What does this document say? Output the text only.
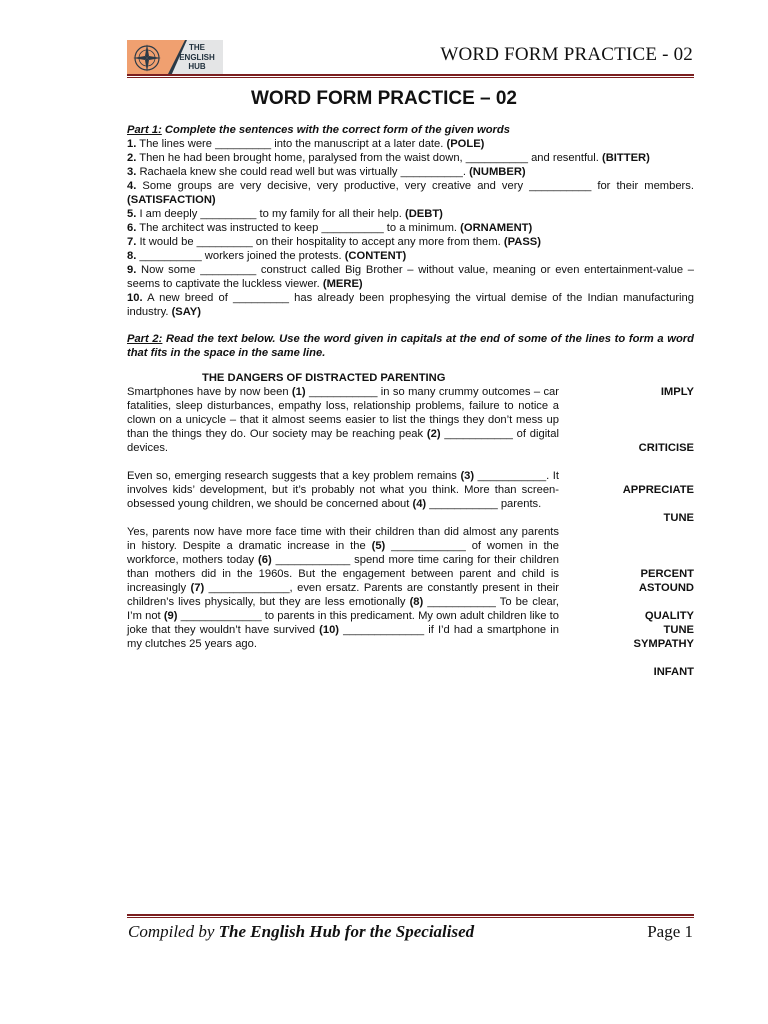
THE
ENGLISH
HUB
WORD FORM PRACTICE - 02
WORD FORM PRACTICE – 02

Part 1: Complete the sentences with the correct form of the given words

1. The lines were _________ into the manuscript at a later date. (POLE)

2. Then he had been brought home, paralysed from the waist down, __________ and resentful. (BITTER)

3. Rachaela knew she could read well but was virtually __________. (NUMBER)

4. Some groups are very decisive, very productive, very creative and very __________ for their members. (SATISFACTION)

5. I am deeply _________ to my family for all their help. (DEBT)

6. The architect was instructed to keep __________ to a minimum. (ORNAMENT)

7. It would be _________ on their hospitality to accept any more from them. (PASS)

8. __________ workers joined the protests. (CONTENT)

9. Now some _________ construct called Big Brother – without value, meaning or even entertainment-value – seems to captivate the luckless viewer. (MERE)

10. A new breed of _________ has already been prophesying the virtual demise of the Indian manufacturing industry. (SAY)

Part 2: Read the text below. Use the word given in capitals at the end of some of the lines to form a word that fits in the space in the same line.

THE DANGERS OF DISTRACTED PARENTING

Smartphones have by now been (1) ___________ in so many crummy outcomes – car fatalities, sleep disturbances, empathy loss, relationship problems, failure to notice a clown on a unicycle – that it almost seems easier to list the things they don’t mess up than the things they do. Our society may be reaching peak (2) ___________ of digital devices.

Even so, emerging research suggests that a key problem remains (3) ___________. It involves kids’ development, but it’s probably not what you think. More than screen-obsessed young children, we should be concerned about (4) ___________ parents.

Yes, parents now have more face time with their children than did almost any parents in history. Despite a dramatic increase in the (5) ____________ of women in the workforce, mothers today (6) ____________ spend more time caring for their children than mothers did in the 1960s. But the engagement between parent and child is increasingly (7) _____________, even ersatz. Parents are constantly present in their children’s lives physically, but they are less emotionally (8) ___________ To be clear, I’m not (9) _____________ to parents in this predicament. My own adult children like to joke that they wouldn’t have survived (10) _____________ if I’d had a smartphone in my clutches 25 years ago.

IMPLY
CRITICISE
APPRECIATE
TUNE
PERCENT
ASTOUND
QUALITY
TUNE
SYMPATHY
INFANT
Compiled by The English Hub for the Specialised	Page 1
